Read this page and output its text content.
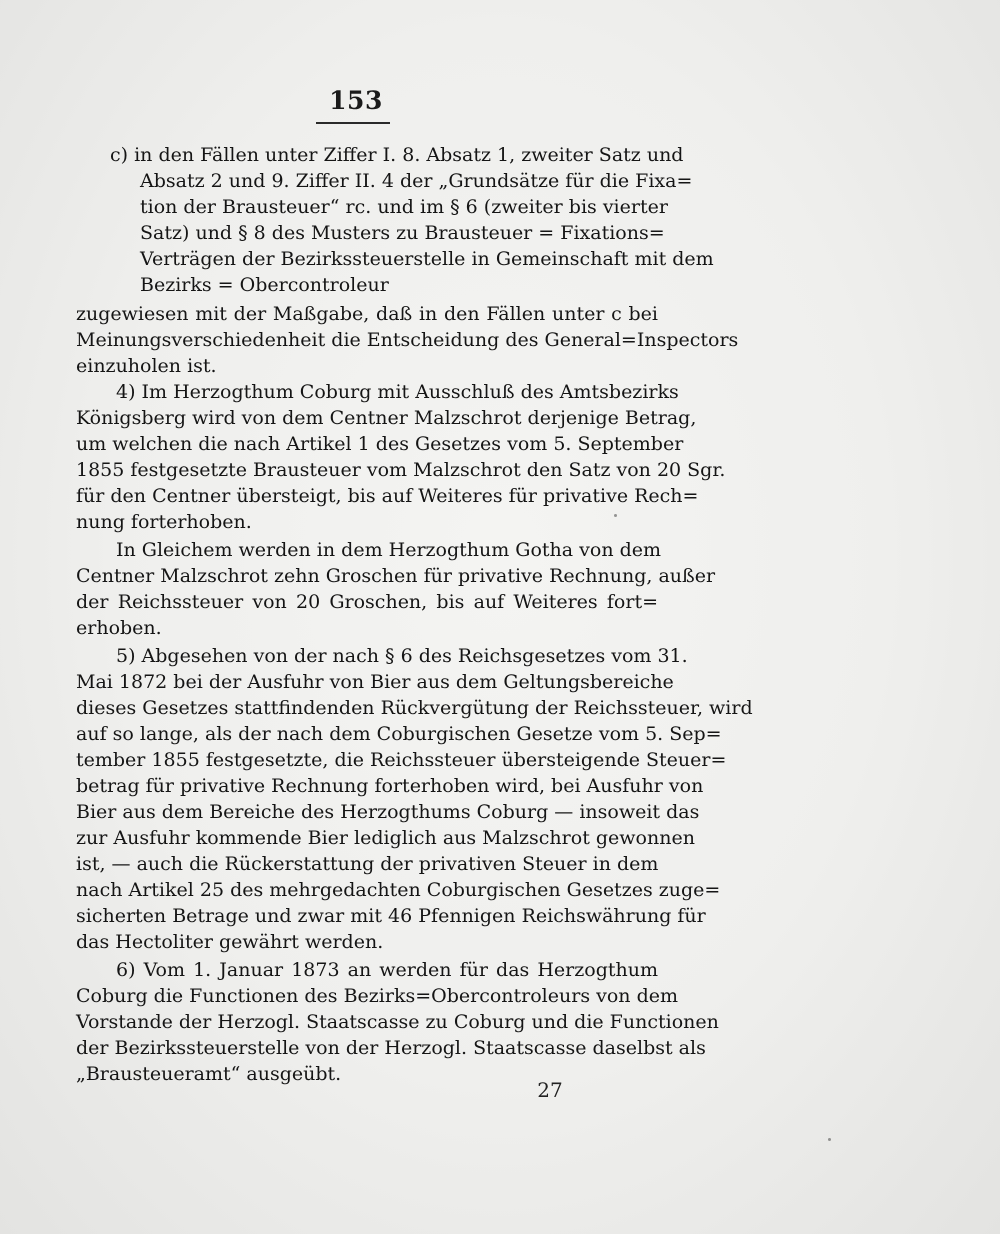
153
c) in den Fällen unter Ziffer I. 8. Absatz 1, zweiter Satz und
Absatz 2 und 9. Ziffer II. 4 der „Grundsätze für die Fixa=
tion der Brausteuer“ rc. und im § 6 (zweiter bis vierter
Satz) und § 8 des Musters zu Brausteuer = Fixations=
Verträgen der Bezirkssteuerstelle in Gemeinschaft mit dem
Bezirks = Obercontroleur
zugewiesen mit der Maßgabe, daß in den Fällen unter c bei
Meinungsverschiedenheit die Entscheidung des General=Inspectors
einzuholen ist.
4) Im Herzogthum Coburg mit Ausschluß des Amtsbezirks
Königsberg wird von dem Centner Malzschrot derjenige Betrag,
um welchen die nach Artikel 1 des Gesetzes vom 5. September
1855 festgesetzte Brausteuer vom Malzschrot den Satz von 20 Sgr.
für den Centner übersteigt, bis auf Weiteres für privative Rech=
nung forterhoben.
In Gleichem werden in dem Herzogthum Gotha von dem
Centner Malzschrot zehn Groschen für privative Rechnung, außer
der Reichssteuer von 20 Groschen, bis auf Weiteres fort=
erhoben.
5) Abgesehen von der nach § 6 des Reichsgesetzes vom 31.
Mai 1872 bei der Ausfuhr von Bier aus dem Geltungsbereiche
dieses Gesetzes stattfindenden Rückvergütung der Reichssteuer, wird
auf so lange, als der nach dem Coburgischen Gesetze vom 5. Sep=
tember 1855 festgesetzte, die Reichssteuer übersteigende Steuer=
betrag für privative Rechnung forterhoben wird, bei Ausfuhr von
Bier aus dem Bereiche des Herzogthums Coburg — insoweit das
zur Ausfuhr kommende Bier lediglich aus Malzschrot gewonnen
ist, — auch die Rückerstattung der privativen Steuer in dem
nach Artikel 25 des mehrgedachten Coburgischen Gesetzes zuge=
sicherten Betrage und zwar mit 46 Pfennigen Reichswährung für
das Hectoliter gewährt werden.
6) Vom 1. Januar 1873 an werden für das Herzogthum
Coburg die Functionen des Bezirks=Obercontroleurs von dem
Vorstande der Herzogl. Staatscasse zu Coburg und die Functionen
der Bezirkssteuerstelle von der Herzogl. Staatscasse daselbst als
„Brausteueramt“ ausgeübt.
27
